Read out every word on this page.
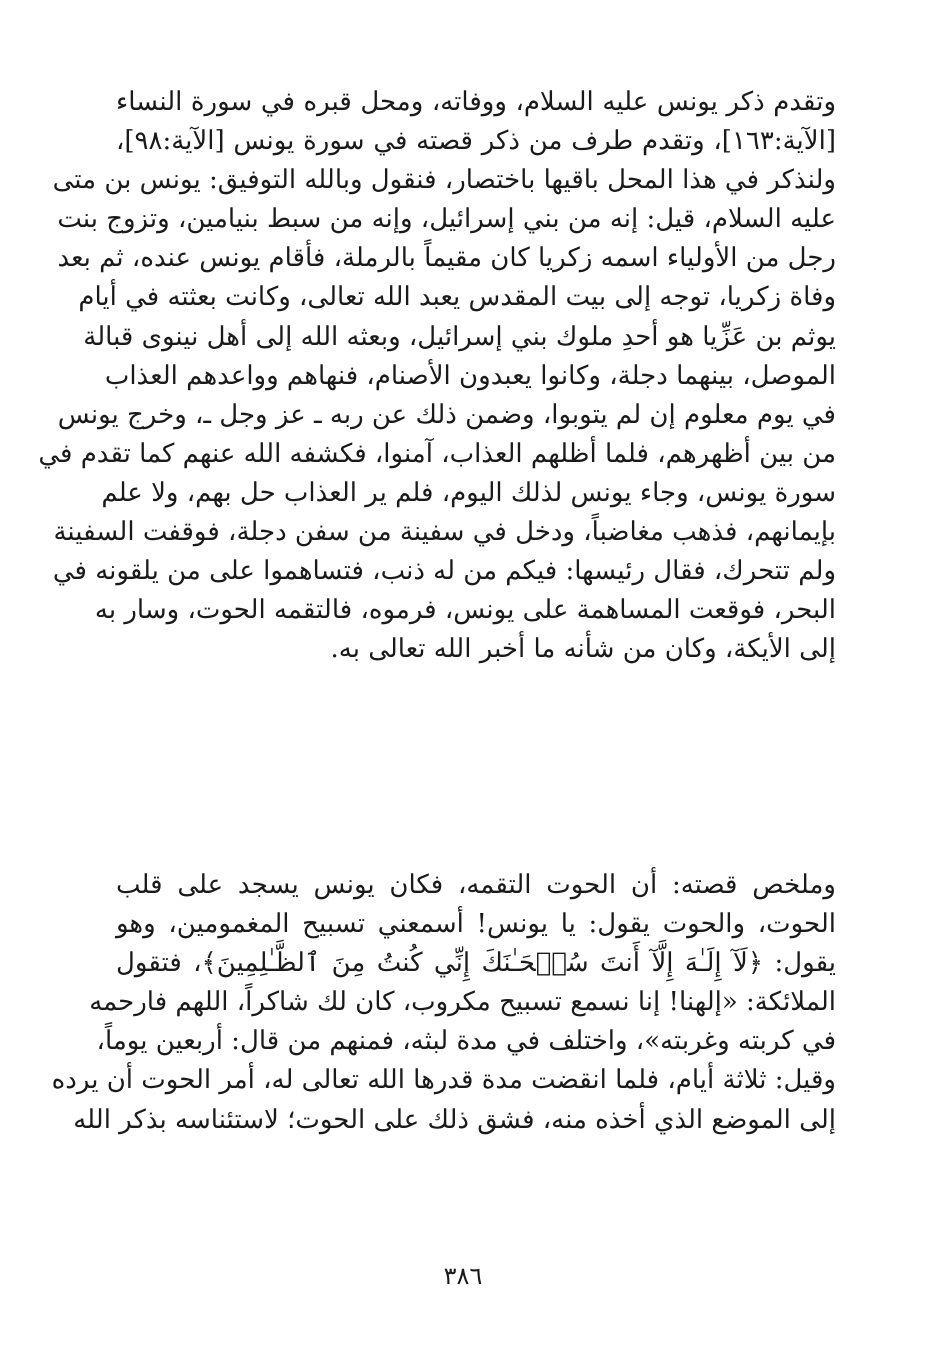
وتقدم ذكر يونس عليه السلام، ووفاته، ومحل قبره في سورة النساء
[الآية:١٦٣]، وتقدم طرف من ذكر قصته في سورة يونس [الآية:٩٨]،
ولنذكر في هذا المحل باقيها باختصار، فنقول وبالله التوفيق: يونس بن متى
عليه السلام، قيل: إنه من بني إسرائيل، وإنه من سبط بنيامين، وتزوج بنت
رجل من الأولياء اسمه زكريا كان مقيماً بالرملة، فأقام يونس عنده، ثم بعد
وفاة زكريا، توجه إلى بيت المقدس يعبد الله تعالى، وكانت بعثته في أيام
يوثم بن عَزِّيا هو أحدِ ملوك بني إسرائيل، وبعثه الله إلى أهل نينوى قبالة
الموصل، بينهما دجلة، وكانوا يعبدون الأصنام، فنهاهم وواعدهم العذاب
في يوم معلوم إن لم يتوبوا، وضمن ذلك عن ربه ـ عز وجل ـ، وخرج يونس
من بين أظهرهم، فلما أظلهم العذاب، آمنوا، فكشفه الله عنهم كما تقدم في
سورة يونس، وجاء يونس لذلك اليوم، فلم ير العذاب حل بهم، ولا علم
بإيمانهم، فذهب مغاضباً، ودخل في سفينة من سفن دجلة، فوقفت السفينة
ولم تتحرك، فقال رئيسها: فيكم من له ذنب، فتساهموا على من يلقونه في
البحر، فوقعت المساهمة على يونس، فرموه، فالتقمه الحوت، وسار به
إلى الأيكة، وكان من شأنه ما أخبر الله تعالى به.
وملخص قصته: أن الحوت التقمه، فكان يونس يسجد على قلب
الحوت، والحوت يقول: يا يونس! أسمعني تسبيح المغمومين، وهو
يقول: ﴿لَآ إِلَـٰهَ إِلَّآ أَنتَ سُبۡحَـٰنَكَ إِنِّي كُنتُ مِنَ ٱلظَّـٰلِمِينَ﴾، فتقول
الملائكة: «إلهنا! إنا نسمع تسبيح مكروب، كان لك شاكراً، اللهم فارحمه
في كربته وغربته»، واختلف في مدة لبثه، فمنهم من قال: أربعين يوماً،
وقيل: ثلاثة أيام، فلما انقضت مدة قدرها الله تعالى له، أمر الحوت أن يرده
إلى الموضع الذي أخذه منه، فشق ذلك على الحوت؛ لاستئناسه بذكر الله
٣٨٦
